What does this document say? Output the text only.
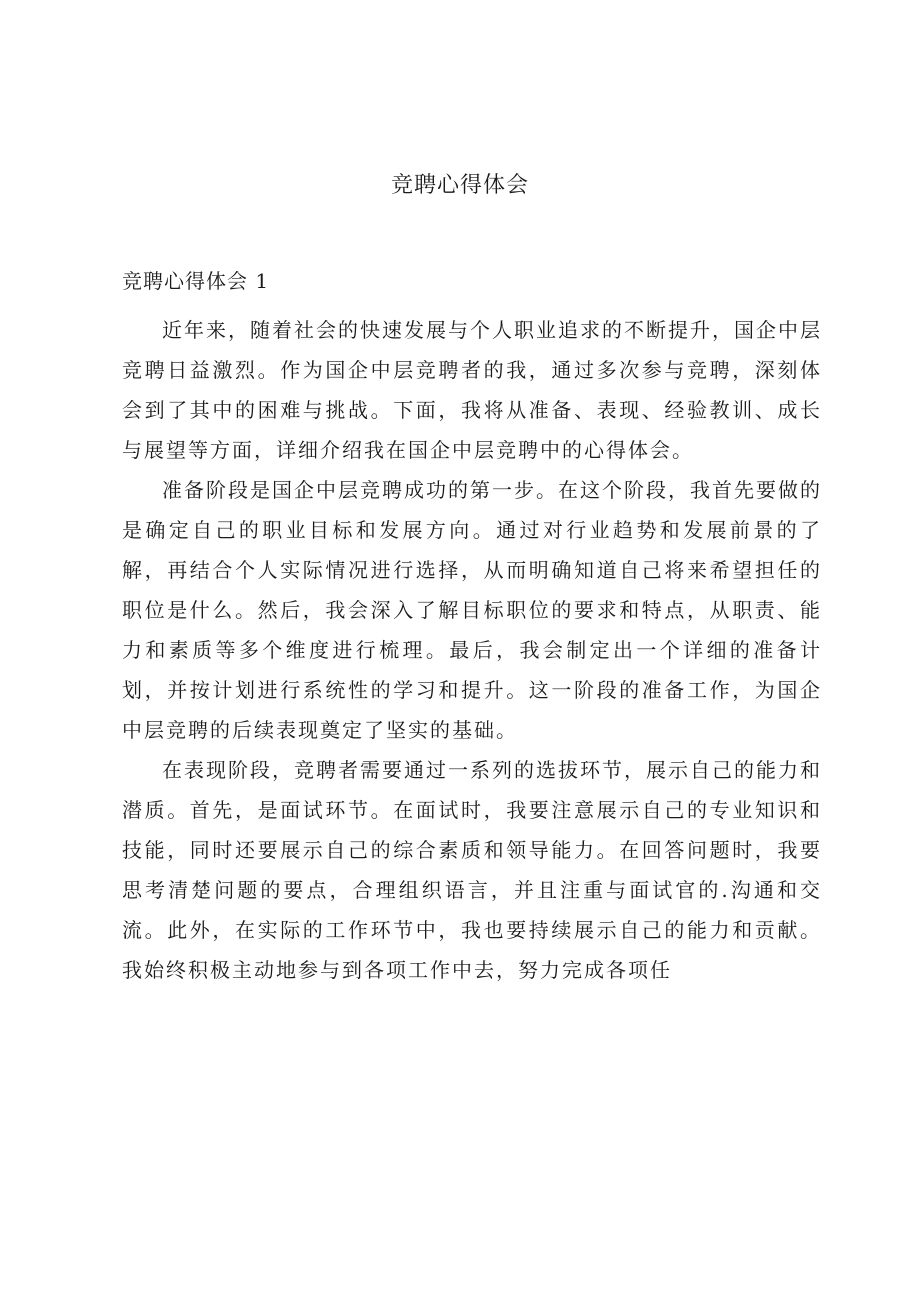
竞聘心得体会
竞聘心得体会 1

近年来，随着社会的快速发展与个人职业追求的不断提升，国企中层竞聘日益激烈。作为国企中层竞聘者的我，通过多次参与竞聘，深刻体会到了其中的困难与挑战。下面，我将从准备、表现、经验教训、成长与展望等方面，详细介绍我在国企中层竞聘中的心得体会。

准备阶段是国企中层竞聘成功的第一步。在这个阶段，我首先要做的是确定自己的职业目标和发展方向。通过对行业趋势和发展前景的了解，再结合个人实际情况进行选择，从而明确知道自己将来希望担任的职位是什么。然后，我会深入了解目标职位的要求和特点，从职责、能力和素质等多个维度进行梳理。最后，我会制定出一个详细的准备计划，并按计划进行系统性的学习和提升。这一阶段的准备工作，为国企中层竞聘的后续表现奠定了坚实的基础。

在表现阶段，竞聘者需要通过一系列的选拔环节，展示自己的能力和潜质。首先，是面试环节。在面试时，我要注意展示自己的专业知识和技能，同时还要展示自己的综合素质和领导能力。在回答问题时，我要思考清楚问题的要点，合理组织语言，并且注重与面试官的.沟通和交流。此外，在实际的工作环节中，我也要持续展示自己的能力和贡献。我始终积极主动地参与到各项工作中去，努力完成各项任
